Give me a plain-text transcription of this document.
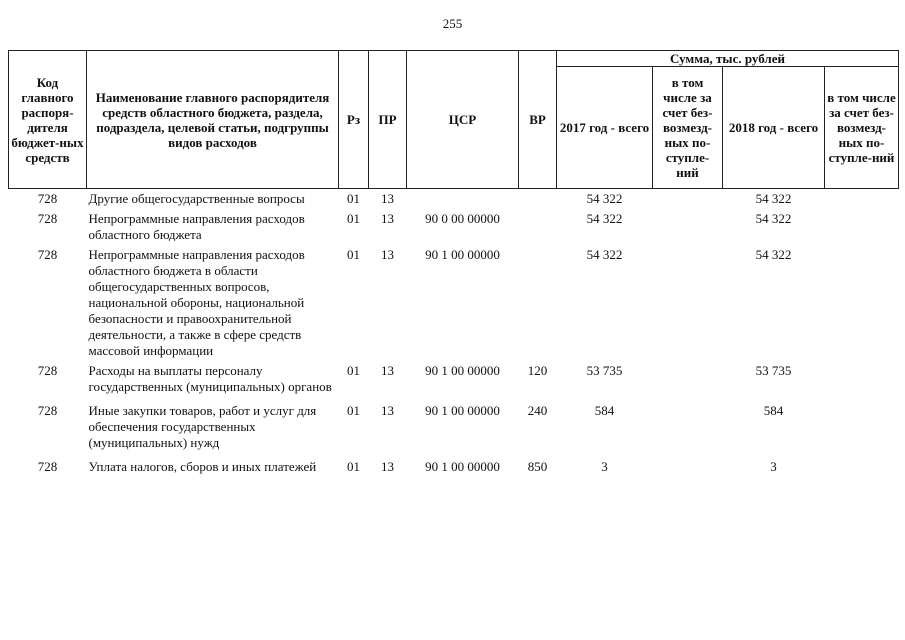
255
Код главного распоря-дителя бюджет-ных средств	Наименование главного распорядителя средств областного бюджета, раздела, подраздела, целевой статьи, подгруппы видов расходов	Рз	ПР	ЦСР	ВР	Сумма, тыс. рублей			
						2017 год - всего	в том числе за счет без-возмезд-ных по-ступле-ний	2018 год - всего	в том числе за счет без-возмезд-ных по-ступле-ний
728	Другие общегосударственные вопросы	01	13			54 322		54 322	
728	Непрограммные направления расходов областного бюджета	01	13	90 0 00 00000		54 322		54 322	
728	Непрограммные направления расходов областного бюджета в области общегосударственных вопросов, национальной обороны, национальной безопасности и правоохранительной деятельности, а также в сфере средств массовой информации	01	13	90 1 00 00000		54 322		54 322	
728	Расходы на выплаты персоналу государственных (муниципальных) органов	01	13	90 1 00 00000	120	53 735		53 735	
728	Иные закупки товаров, работ и услуг для обеспечения государственных (муниципальных) нужд	01	13	90 1 00 00000	240	584		584	
728	Уплата налогов, сборов и иных платежей	01	13	90 1 00 00000	850	3		3	
